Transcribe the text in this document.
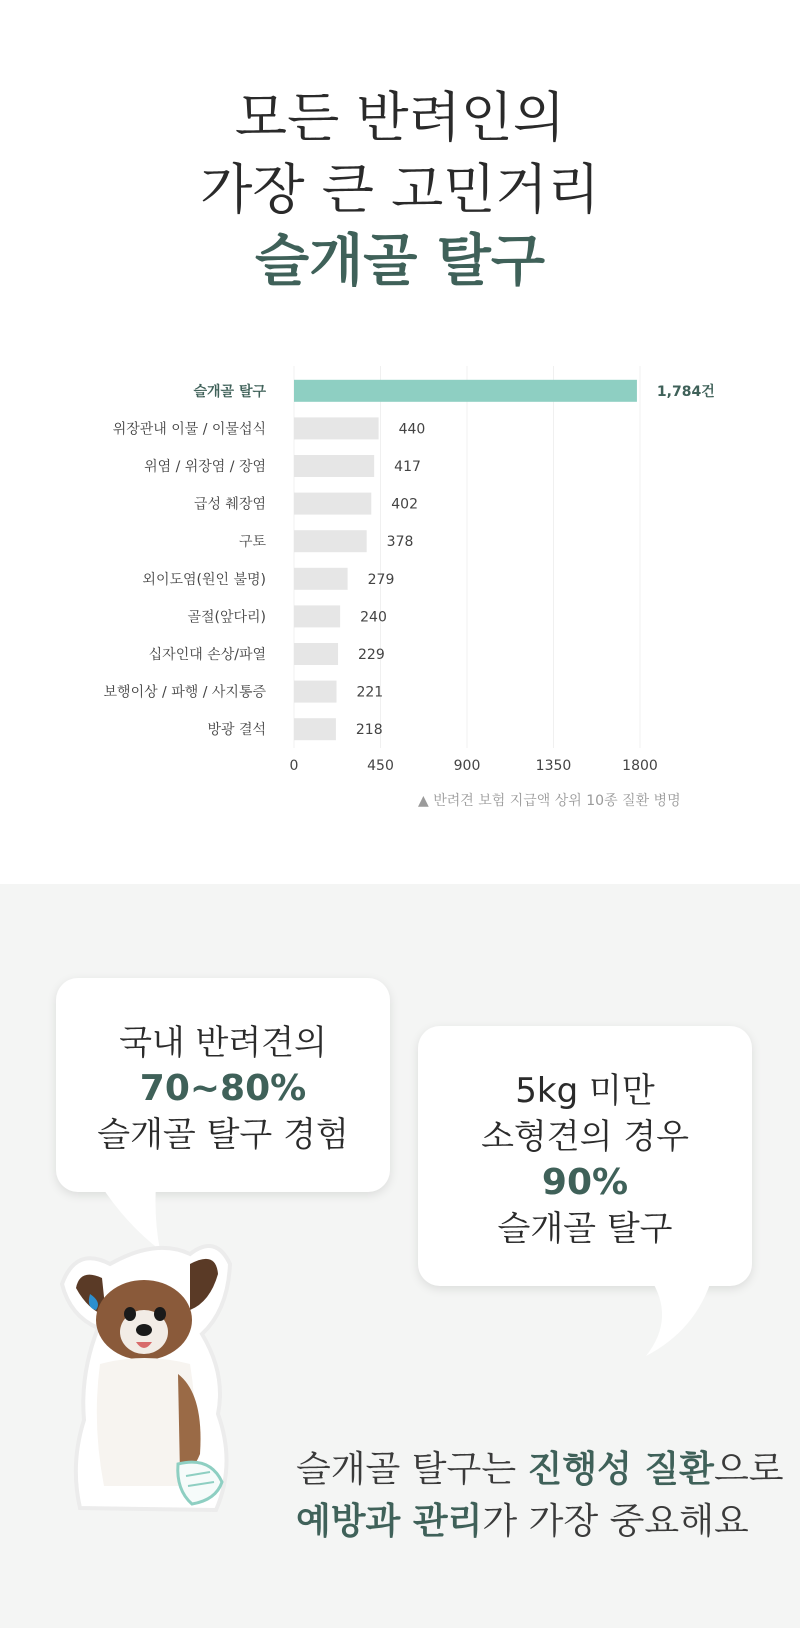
모든 반려인의
가장 큰 고민거리
슬개골 탈구
0	450	900	1350	1800
슬개골 탈구	1,784건
위장관내 이물 / 이물섭식	440
위염 / 위장염 / 장염	417
급성 췌장염	402
구토	378
외이도염(원인 불명)	279
골절(앞다리)	240
십자인대 손상/파열	229
보행이상 / 파행 / 사지통증	221
방광 결석	218
▲ 반려견 보험 지급액 상위 10종 질환 병명
국내 반려견의
70~80%
슬개골 탈구 경험
5kg 미만
소형견의 경우
90%
슬개골 탈구
슬개골 탈구는 진행성 질환으로
예방과 관리가 가장 중요해요
